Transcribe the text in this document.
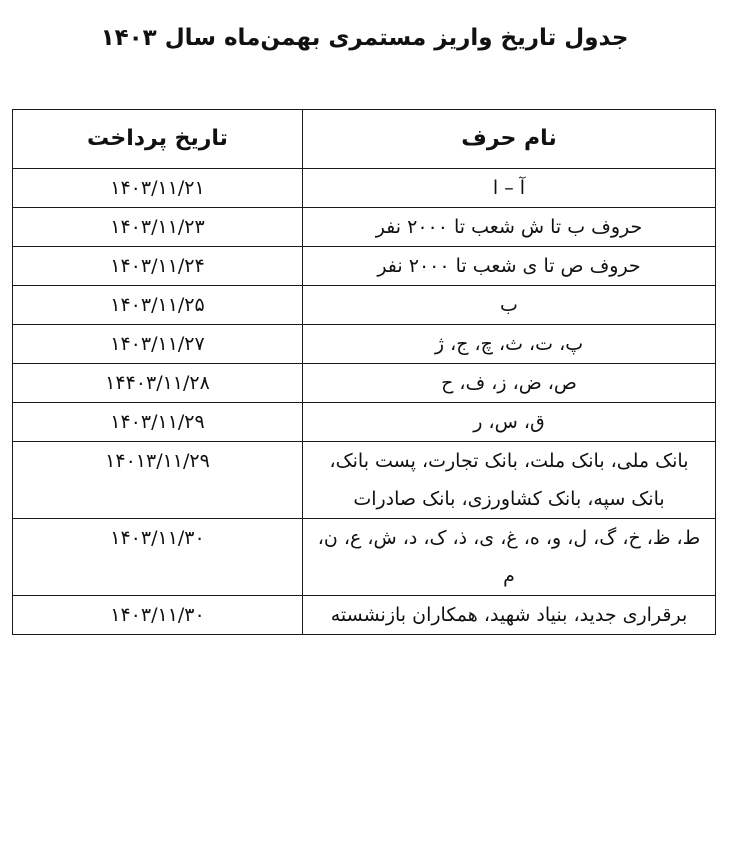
جدول تاریخ واریز مستمری بهمن‌ماه سال ۱۴۰۳
نام حرف	تاریخ پرداخت
آ – ا	۱۴۰۳/۱۱/۲۱
حروف ب تا ش شعب تا ۲۰۰۰ نفر	۱۴۰۳/۱۱/۲۳
حروف ص تا ی شعب تا ۲۰۰۰ نفر	۱۴۰۳/۱۱/۲۴
ب	۱۴۰۳/۱۱/۲۵
پ، ت، ث، چ، ج، ژ	۱۴۰۳/۱۱/۲۷
ص، ض، ز، ف، ح	۱۴۴۰۳/۱۱/۲۸
ق، س، ر	۱۴۰۳/۱۱/۲۹
بانک ملی، بانک ملت، بانک تجارت، پست بانک، بانک سپه، بانک کشاورزی، بانک صادرات	۱۴۰۱۳/۱۱/۲۹
ط، ظ، خ، گ، ل، و، ه، غ، ی، ذ، ک، د، ش، ع، ن، م	۱۴۰۳/۱۱/۳۰
برقراری جدید، بنیاد شهید، همکاران بازنشسته	۱۴۰۳/۱۱/۳۰
